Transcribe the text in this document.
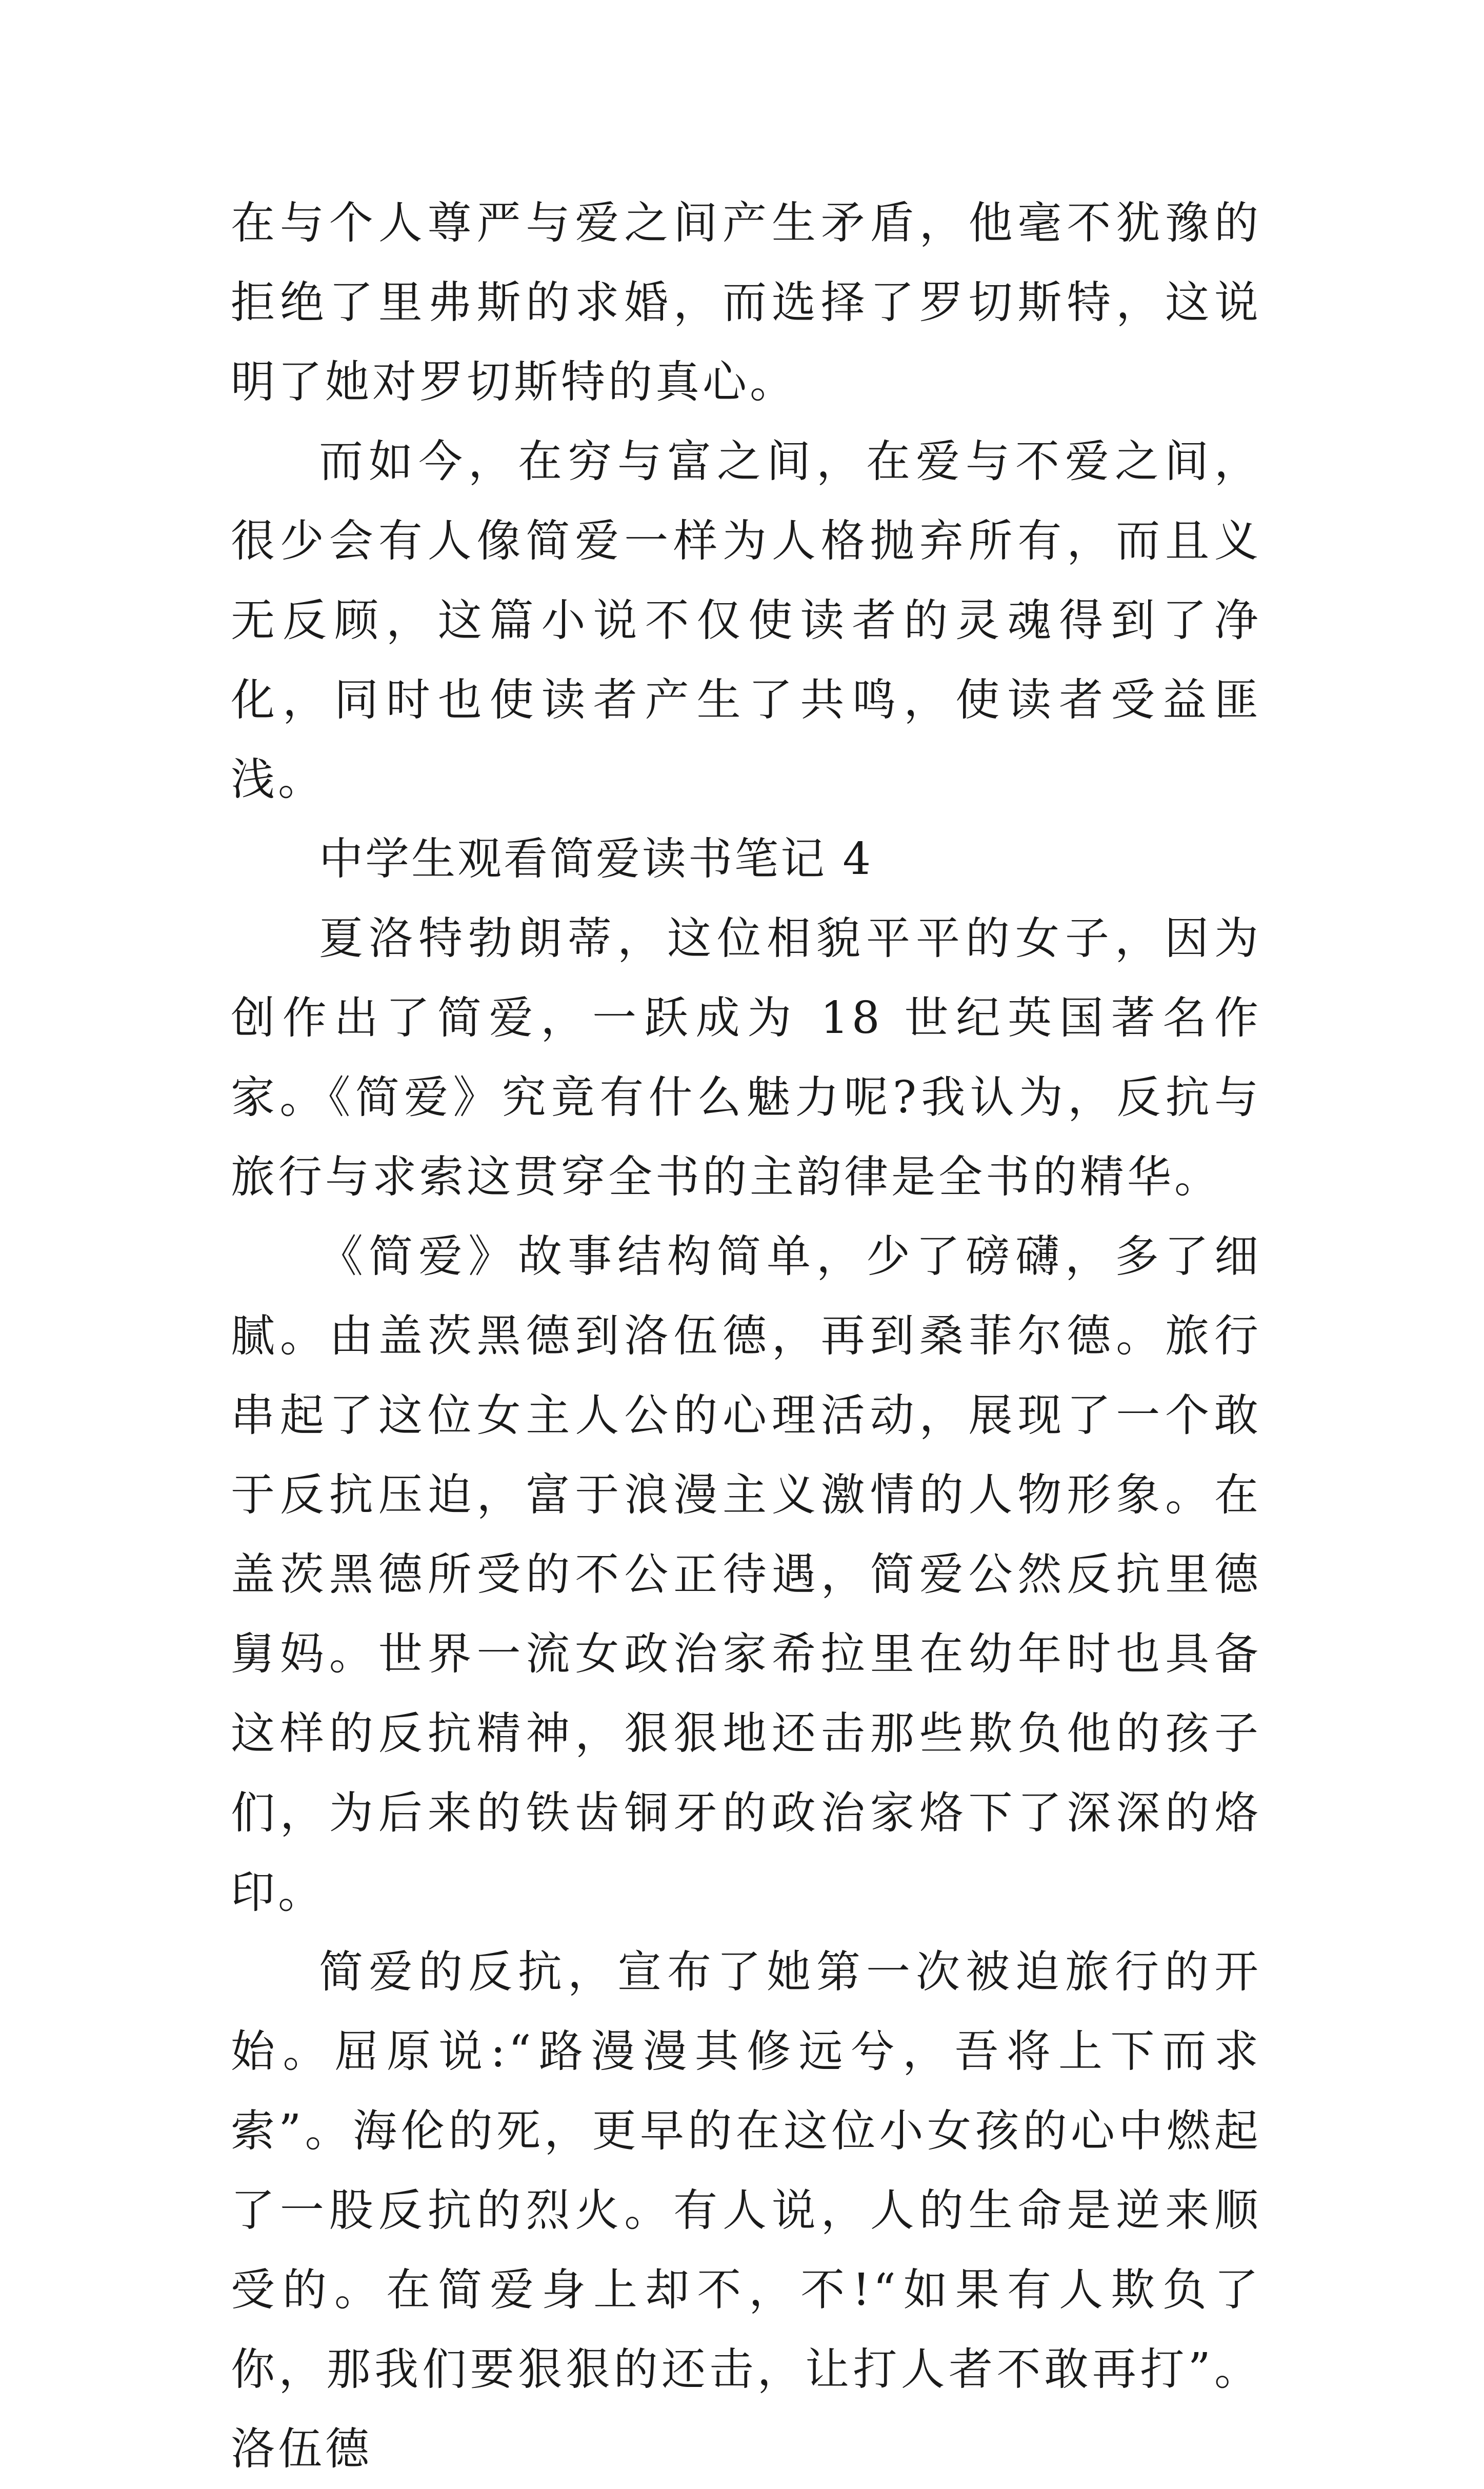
在与个人尊严与爱之间产生矛盾，他毫不犹豫的拒绝了里弗斯的求婚，而选择了罗切斯特，这说明了她对罗切斯特的真心。

而如今，在穷与富之间，在爱与不爱之间，很少会有人像简爱一样为人格抛弃所有，而且义无反顾，这篇小说不仅使读者的灵魂得到了净化，同时也使读者产生了共鸣，使读者受益匪浅。

中学生观看简爱读书笔记 4

夏洛特勃朗蒂，这位相貌平平的女子，因为创作出了简爱，一跃成为 18 世纪英国著名作家。《简爱》究竟有什么魅力呢?我认为，反抗与旅行与求索这贯穿全书的主韵律是全书的精华。

《简爱》故事结构简单，少了磅礴，多了细腻。由盖茨黑德到洛伍德，再到桑菲尔德。旅行串起了这位女主人公的心理活动，展现了一个敢于反抗压迫，富于浪漫主义激情的人物形象。在盖茨黑德所受的不公正待遇，简爱公然反抗里德舅妈。世界一流女政治家希拉里在幼年时也具备这样的反抗精神，狠狠地还击那些欺负他的孩子们，为后来的铁齿铜牙的政治家烙下了深深的烙印。

简爱的反抗，宣布了她第一次被迫旅行的开始。屈原说:“路漫漫其修远兮，吾将上下而求索”。海伦的死，更早的在这位小女孩的心中燃起了一股反抗的烈火。有人说，人的生命是逆来顺受的。在简爱身上却不，不!“如果有人欺负了你，那我们要狠狠的还击，让打人者不敢再打”。洛伍德
